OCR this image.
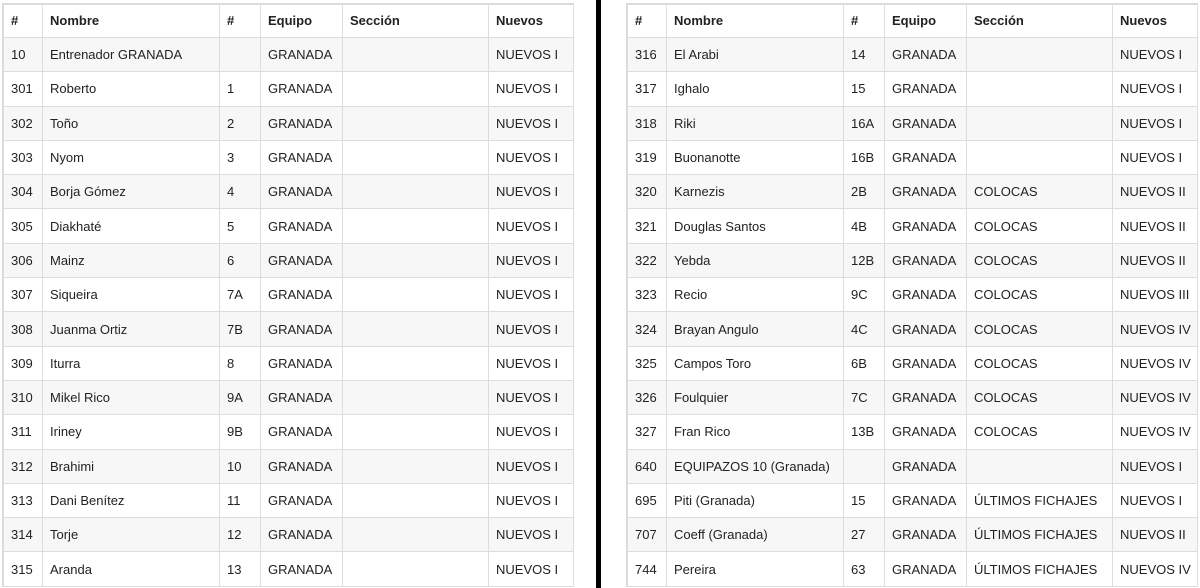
#	Nombre	#	Equipo	Sección	Nuevos
10	Entrenador GRANADA		GRANADA		NUEVOS I
301	Roberto	1	GRANADA		NUEVOS I
302	Toño	2	GRANADA		NUEVOS I
303	Nyom	3	GRANADA		NUEVOS I
304	Borja Gómez	4	GRANADA		NUEVOS I
305	Diakhaté	5	GRANADA		NUEVOS I
306	Mainz	6	GRANADA		NUEVOS I
307	Siqueira	7A	GRANADA		NUEVOS I
308	Juanma Ortiz	7B	GRANADA		NUEVOS I
309	Iturra	8	GRANADA		NUEVOS I
310	Mikel Rico	9A	GRANADA		NUEVOS I
311	Iriney	9B	GRANADA		NUEVOS I
312	Brahimi	10	GRANADA		NUEVOS I
313	Dani Benítez	11	GRANADA		NUEVOS I
314	Torje	12	GRANADA		NUEVOS I
315	Aranda	13	GRANADA		NUEVOS I
#	Nombre	#	Equipo	Sección	Nuevos
316	El Arabi	14	GRANADA		NUEVOS I
317	Ighalo	15	GRANADA		NUEVOS I
318	Riki	16A	GRANADA		NUEVOS I
319	Buonanotte	16B	GRANADA		NUEVOS I
320	Karnezis	2B	GRANADA	COLOCAS	NUEVOS II
321	Douglas Santos	4B	GRANADA	COLOCAS	NUEVOS II
322	Yebda	12B	GRANADA	COLOCAS	NUEVOS II
323	Recio	9C	GRANADA	COLOCAS	NUEVOS III
324	Brayan Angulo	4C	GRANADA	COLOCAS	NUEVOS IV
325	Campos Toro	6B	GRANADA	COLOCAS	NUEVOS IV
326	Foulquier	7C	GRANADA	COLOCAS	NUEVOS IV
327	Fran Rico	13B	GRANADA	COLOCAS	NUEVOS IV
640	EQUIPAZOS 10 (Granada)		GRANADA		NUEVOS I
695	Piti (Granada)	15	GRANADA	ÚLTIMOS FICHAJES	NUEVOS I
707	Coeff (Granada)	27	GRANADA	ÚLTIMOS FICHAJES	NUEVOS II
744	Pereira	63	GRANADA	ÚLTIMOS FICHAJES	NUEVOS IV
